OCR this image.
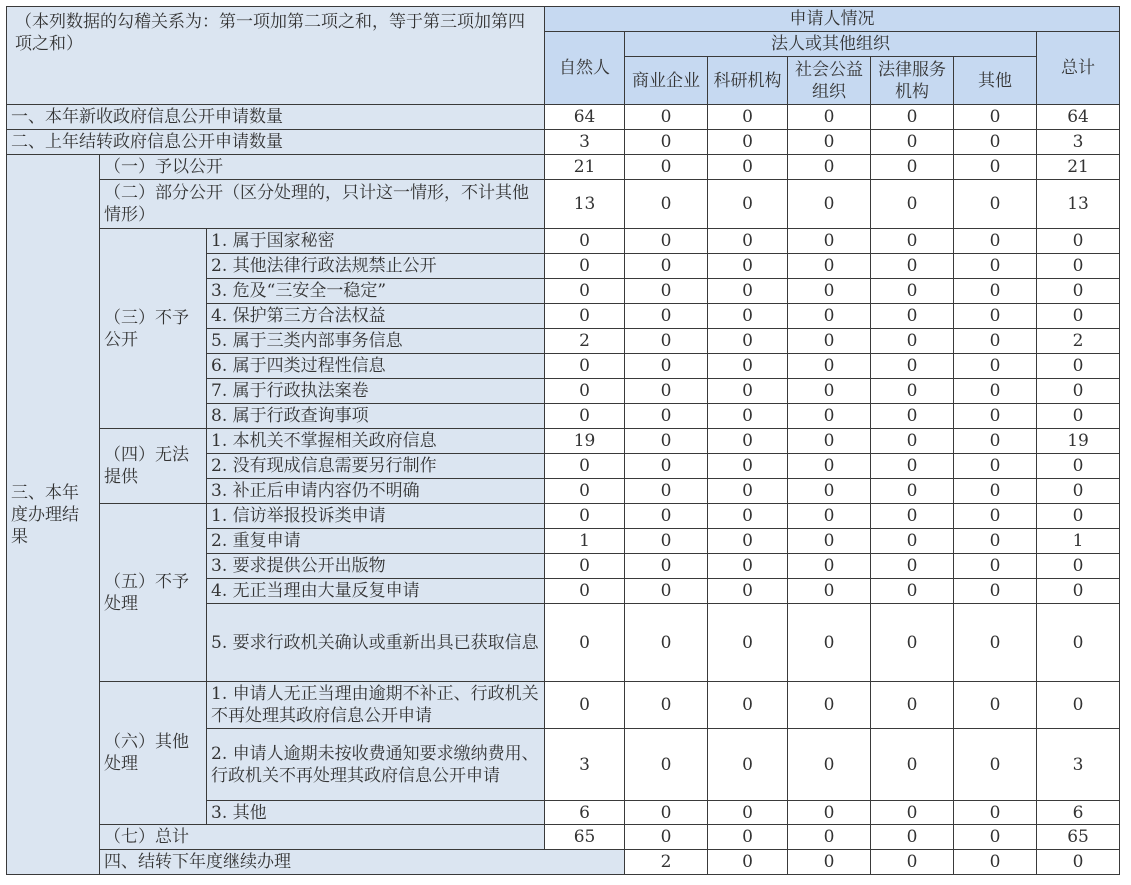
（本列数据的勾稽关系为：第一项加第二项之和，等于第三项加第四项之和）			申请人情况							
			自然人	法人或其他组织					总计	
				商业企业	科研机构	社会公益组织	法律服务机构	其他		

一、本年新收政府信息公开申请数量			64	0	0	0	0	0	64	
二、上年结转政府信息公开申请数量			3	0	0	0	0	0	3	
三、本年度办理结果	（一）予以公开		21	0	0	0	0	0	21	
	（二）部分公开（区分处理的，只计这一情形，不计其他情形）		13	0	0	0	0	0	13	
	（三）不予公开	1. 属于国家秘密	0	0	0	0	0	0	0	
		2. 其他法律行政法规禁止公开	0	0	0	0	0	0	0	
		3. 危及“三安全一稳定”	0	0	0	0	0	0	0	
		4. 保护第三方合法权益	0	0	0	0	0	0	0	
		5. 属于三类内部事务信息	2	0	0	0	0	0	2	
		6. 属于四类过程性信息	0	0	0	0	0	0	0	
		7. 属于行政执法案卷	0	0	0	0	0	0	0	
		8. 属于行政查询事项	0	0	0	0	0	0	0	
	（四）无法提供	1. 本机关不掌握相关政府信息	19	0	0	0	0	0	19	
		2. 没有现成信息需要另行制作	0	0	0	0	0	0	0	
		3. 补正后申请内容仍不明确	0	0	0	0	0	0	0	
	（五）不予处理	1. 信访举报投诉类申请	0	0	0	0	0	0	0	
		2. 重复申请	1	0	0	0	0	0	1	
		3. 要求提供公开出版物	0	0	0	0	0	0	0	
		4. 无正当理由大量反复申请	0	0	0	0	0	0	0	
		5. 要求行政机关确认或重新出具已获取信息	0	0	0	0	0	0	0	
	（六）其他处理	1. 申请人无正当理由逾期不补正、行政机关不再处理其政府信息公开申请	0	0	0	0	0	0	0	
		2. 申请人逾期未按收费通知要求缴纳费用、行政机关不再处理其政府信息公开申请	3	0	0	0	0	0	3	
		3. 其他	6	0	0	0	0	0	6	
	（七）总计		65	0	0	0	0	0	65	
	四、结转下年度继续办理			2	0	0	0	0	0	
